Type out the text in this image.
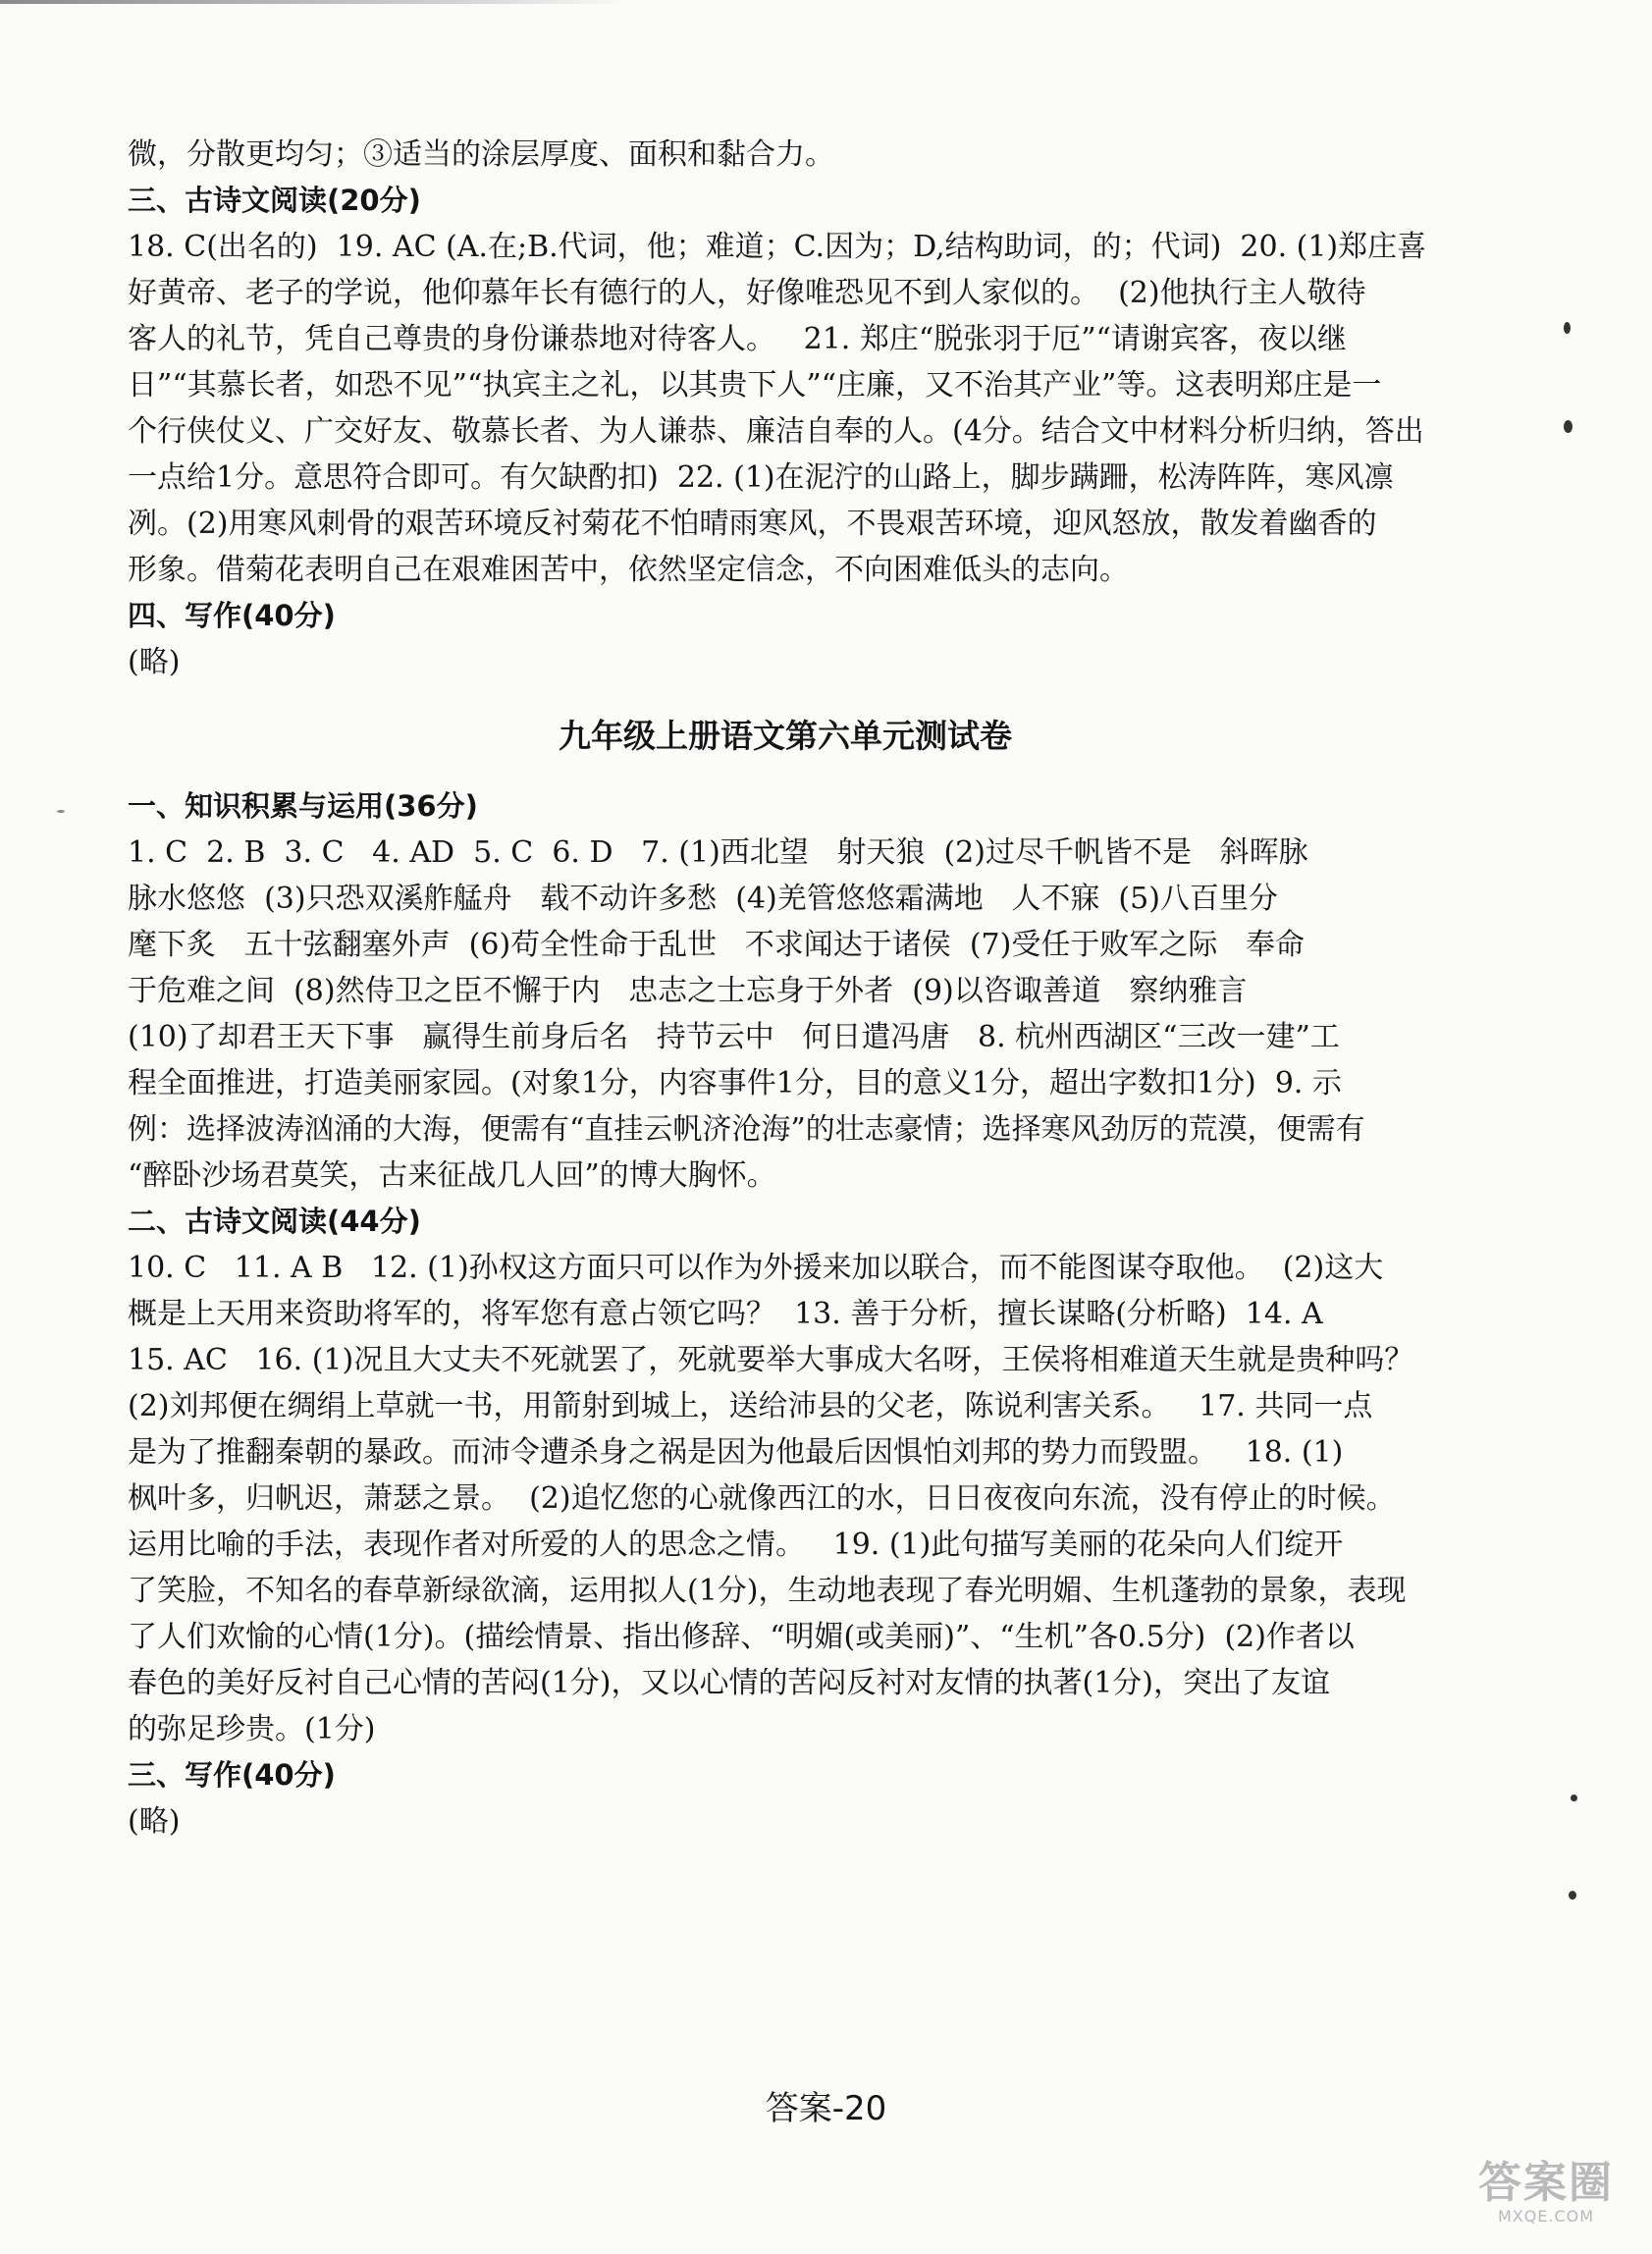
微，分散更均匀；③适当的涂层厚度、面积和黏合力。
三、古诗文阅读(20分)
18. C(出名的)  19. AC (A.在;B.代词，他；难道；C.因为；D,结构助词，的；代词)  20. (1)郑庄喜
好黄帝、老子的学说，他仰慕年长有德行的人，好像唯恐见不到人家似的。  (2)他执行主人敬待
客人的礼节，凭自己尊贵的身份谦恭地对待客人。   21. 郑庄“脱张羽于厄”“请谢宾客，夜以继
日”“其慕长者，如恐不见”“执宾主之礼，以其贵下人”“庄廉，又不治其产业”等。这表明郑庄是一
个行侠仗义、广交好友、敬慕长者、为人谦恭、廉洁自奉的人。(4分。结合文中材料分析归纳，答出
一点给1分。意思符合即可。有欠缺酌扣)  22. (1)在泥泞的山路上，脚步蹒跚，松涛阵阵，寒风凛
冽。(2)用寒风刺骨的艰苦环境反衬菊花不怕晴雨寒风，不畏艰苦环境，迎风怒放，散发着幽香的
形象。借菊花表明自己在艰难困苦中，依然坚定信念，不向困难低头的志向。
四、写作(40分)
(略)
九年级上册语文第六单元测试卷
一、知识积累与运用(36分)
1. C  2. B  3. C   4. AD  5. C  6. D   7. (1)西北望   射天狼  (2)过尽千帆皆不是   斜晖脉
脉水悠悠  (3)只恐双溪舴艋舟   载不动许多愁  (4)羌管悠悠霜满地   人不寐  (5)八百里分
麾下炙   五十弦翻塞外声  (6)苟全性命于乱世   不求闻达于诸侯  (7)受任于败军之际   奉命
于危难之间  (8)然侍卫之臣不懈于内   忠志之士忘身于外者  (9)以咨诹善道   察纳雅言
(10)了却君王天下事   赢得生前身后名   持节云中   何日遣冯唐   8. 杭州西湖区“三改一建”工
程全面推进，打造美丽家园。(对象1分，内容事件1分，目的意义1分，超出字数扣1分)  9. 示
例：选择波涛汹涌的大海，便需有“直挂云帆济沧海”的壮志豪情；选择寒风劲厉的荒漠，便需有
“醉卧沙场君莫笑，古来征战几人回”的博大胸怀。
二、古诗文阅读(44分)
10. C   11. A B   12. (1)孙权这方面只可以作为外援来加以联合，而不能图谋夺取他。  (2)这大
概是上天用来资助将军的，将军您有意占领它吗？  13. 善于分析，擅长谋略(分析略)  14. A
15. AC   16. (1)况且大丈夫不死就罢了，死就要举大事成大名呀，王侯将相难道天生就是贵种吗？
(2)刘邦便在绸绢上草就一书，用箭射到城上，送给沛县的父老，陈说利害关系。   17. 共同一点
是为了推翻秦朝的暴政。而沛令遭杀身之祸是因为他最后因惧怕刘邦的势力而毁盟。   18. (1)
枫叶多，归帆迟，萧瑟之景。  (2)追忆您的心就像西江的水，日日夜夜向东流，没有停止的时候。
运用比喻的手法，表现作者对所爱的人的思念之情。   19. (1)此句描写美丽的花朵向人们绽开
了笑脸，不知名的春草新绿欲滴，运用拟人(1分)，生动地表现了春光明媚、生机蓬勃的景象，表现
了人们欢愉的心情(1分)。(描绘情景、指出修辞、“明媚(或美丽)”、“生机”各0.5分)  (2)作者以
春色的美好反衬自己心情的苦闷(1分)，又以心情的苦闷反衬对友情的执著(1分)，突出了友谊
的弥足珍贵。(1分)
三、写作(40分)
(略)
答案-20
答案圈
MXQE.COM
